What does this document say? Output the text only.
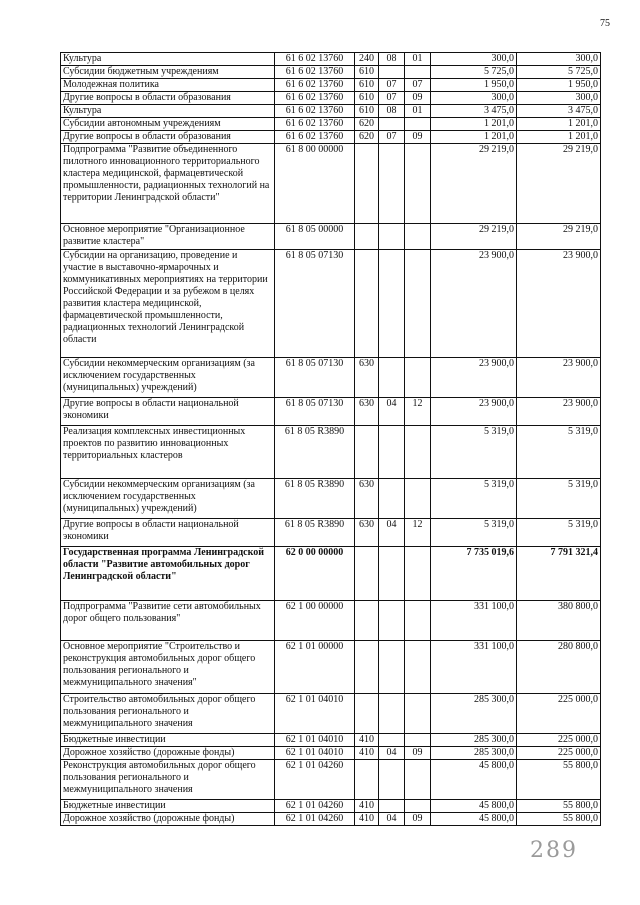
75
Культура	61 6 02 13760	240	08	01	300,0	300,0
Субсидии бюджетным учреждениям	61 6 02 13760	610			5 725,0	5 725,0
Молодежная политика	61 6 02 13760	610	07	07	1 950,0	1 950,0
Другие вопросы в области образования	61 6 02 13760	610	07	09	300,0	300,0
Культура	61 6 02 13760	610	08	01	3 475,0	3 475,0
Субсидии автономным учреждениям	61 6 02 13760	620			1 201,0	1 201,0
Другие вопросы в области образования	61 6 02 13760	620	07	09	1 201,0	1 201,0
Подпрограмма "Развитие объединенного пилотного инновационного территориального кластера медицинской, фармацевтической промышленности, радиационных технологий на территории Ленинградской области"	61 8 00 00000				29 219,0	29 219,0
Основное мероприятие "Организационное развитие кластера"	61 8 05 00000				29 219,0	29 219,0
Субсидии на организацию, проведение и участие в выставочно-ярмарочных и коммуникативных мероприятиях на территории Российской Федерации и за рубежом в целях развития кластера медицинской, фармацевтической промышленности, радиационных технологий Ленинградской области	61 8 05 07130				23 900,0	23 900,0
Субсидии некоммерческим организациям (за исключением государственных (муниципальных) учреждений)	61 8 05 07130	630			23 900,0	23 900,0
Другие вопросы в области национальной экономики	61 8 05 07130	630	04	12	23 900,0	23 900,0
Реализация комплексных инвестиционных проектов по развитию инновационных территориальных кластеров	61 8 05 R3890				5 319,0	5 319,0
Субсидии некоммерческим организациям (за исключением государственных (муниципальных) учреждений)	61 8 05 R3890	630			5 319,0	5 319,0
Другие вопросы в области национальной экономики	61 8 05 R3890	630	04	12	5 319,0	5 319,0
Государственная программа Ленинградской области "Развитие автомобильных дорог Ленинградской области"	62 0 00 00000				7 735 019,6	7 791 321,4
Подпрограмма "Развитие сети автомобильных дорог общего пользования"	62 1 00 00000				331 100,0	380 800,0
Основное мероприятие "Строительство и реконструкция автомобильных дорог общего пользования регионального и межмуниципального значения"	62 1 01 00000				331 100,0	280 800,0
Строительство автомобильных дорог общего пользования регионального и межмуниципального значения	62 1 01 04010				285 300,0	225 000,0
Бюджетные инвестиции	62 1 01 04010	410			285 300,0	225 000,0
Дорожное хозяйство (дорожные фонды)	62 1 01 04010	410	04	09	285 300,0	225 000,0
Реконструкция автомобильных дорог общего пользования регионального и межмуниципального значения	62 1 01 04260				45 800,0	55 800,0
Бюджетные инвестиции	62 1 01 04260	410			45 800,0	55 800,0
Дорожное хозяйство (дорожные фонды)	62 1 01 04260	410	04	09	45 800,0	55 800,0
289
